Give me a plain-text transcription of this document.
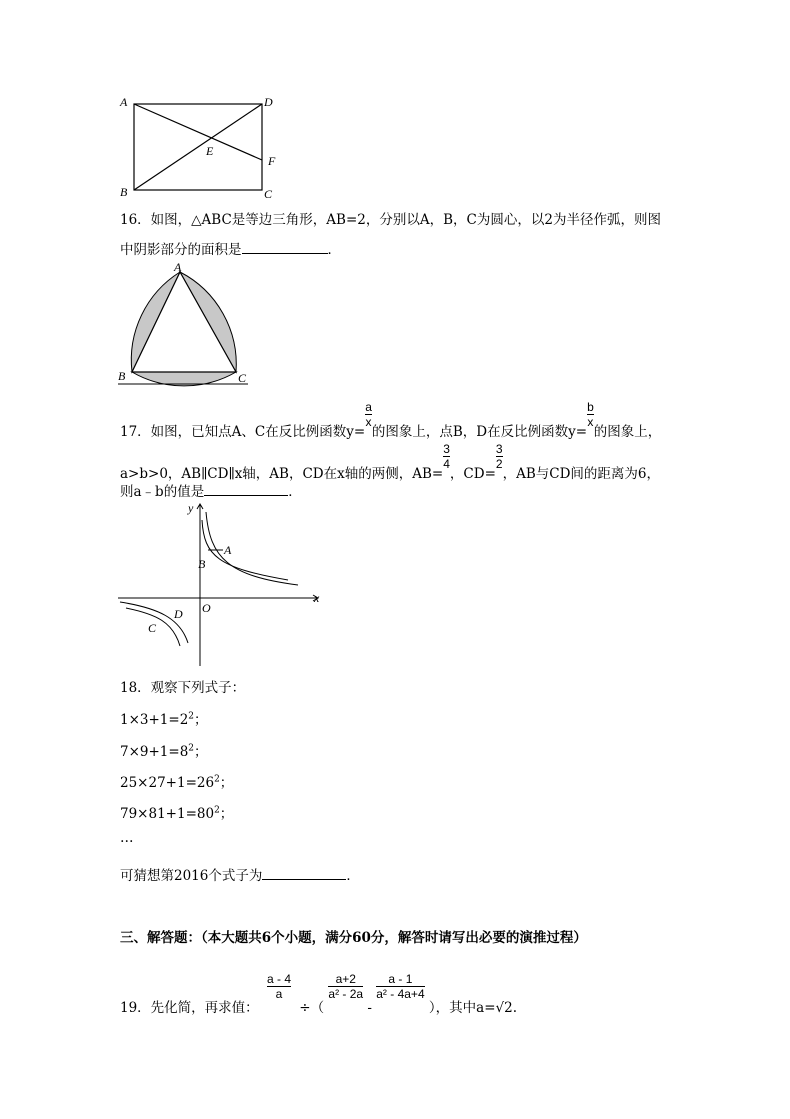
A	D
E
F
B	C
16．如图，△ABC是等边三角形，AB=2，分别以A，B，C为圆心，以2为半径作弧，则图
中阴影部分的面积是	．
A
B	C
17．如图，已知点A、C在反比例函数y=
$\frac{a}{x}$
的图象上，点B，D在反比例函数y=
$\frac{b}{x}$
的图象上，
a>b>0，AB∥CD∥x轴，AB，CD在x轴的两侧，AB=
$\frac{3}{4}$
，CD=
$\frac{3}{2}$
，AB与CD间的距离为6，
则a﹣b的值是	．
y
x
O
A
B
D
C
18．观察下列式子：
$1\times 3+1=2^2$；
$7\times 9+1=8^2$；
$25\times 27+1=26^2$；
$79\times 81+1=80^2$；
…
可猜想第2016个式子为	．
三、解答题：（本大题共6个小题，满分60分，解答时请写出必要的演推过程）
19．先化简，再求值：
$\frac{a - 4}{a}$
÷（
$\frac{a+2}{\text{a² - 2a}}$
-
$\frac{a - 1}{\text{a² - 4a+4}}$
），其中a=√2.
